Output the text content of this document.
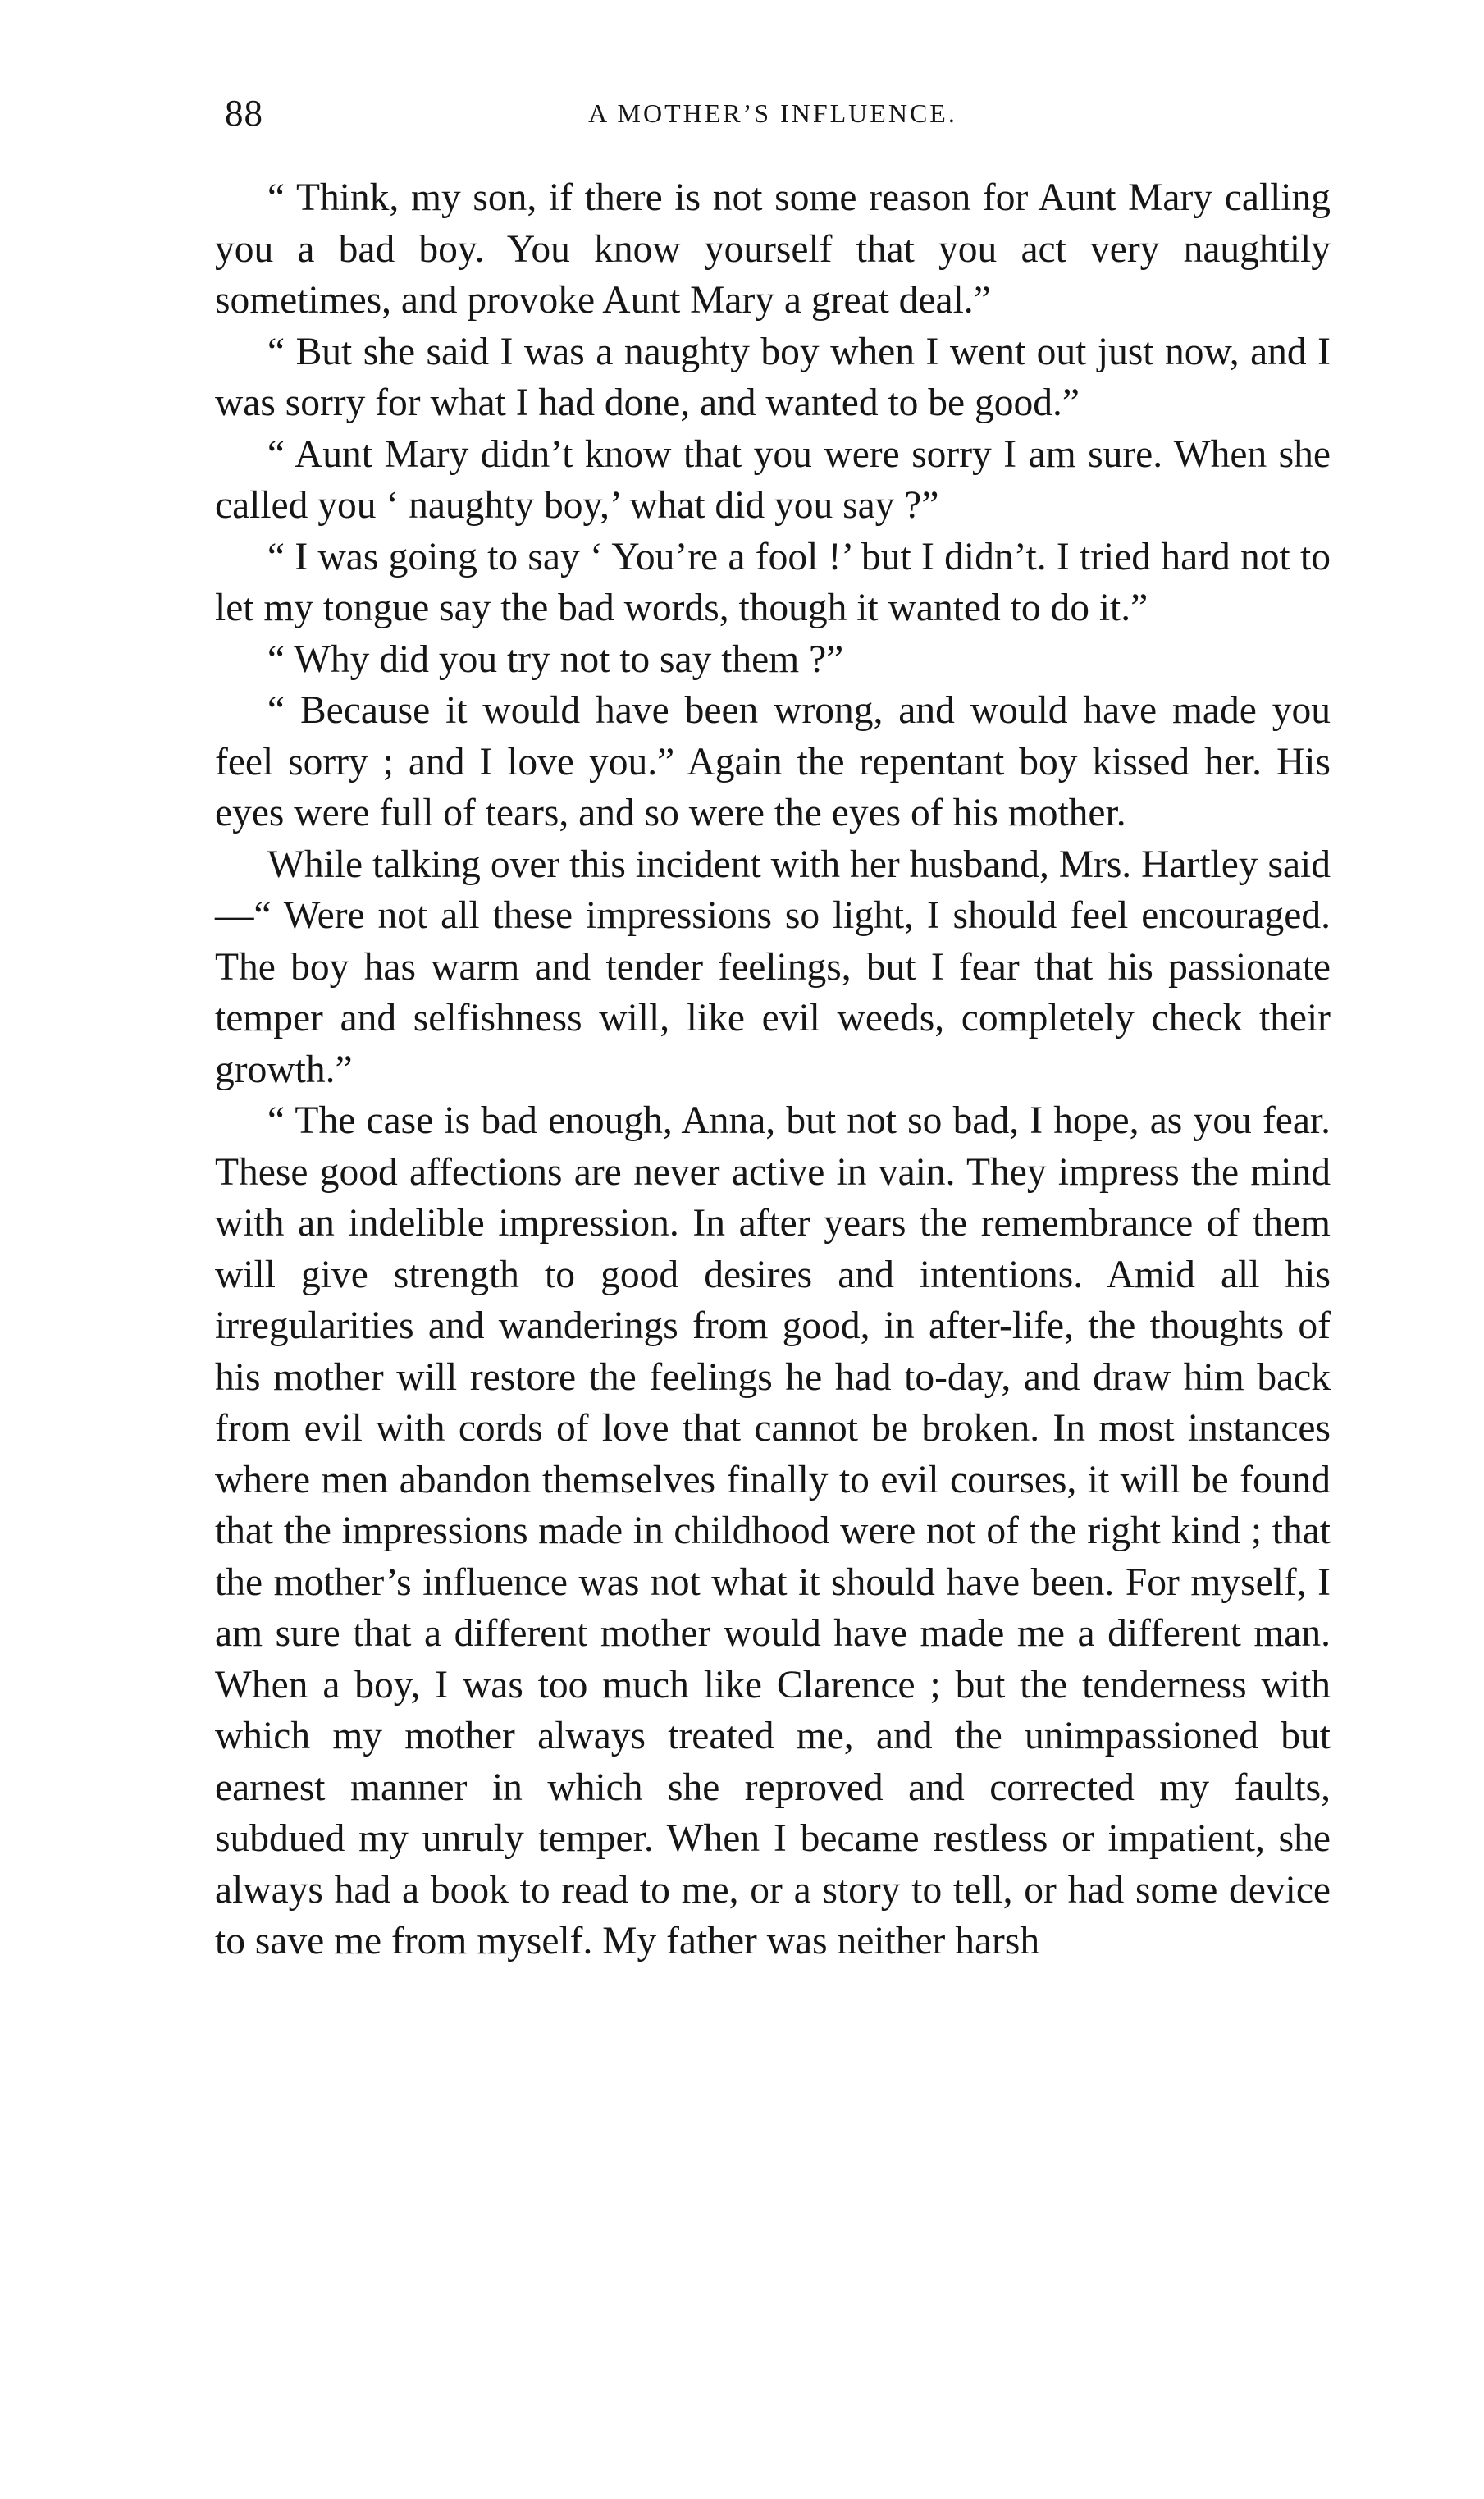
88	A MOTHER’S INFLUENCE.

“ Think, my son, if there is not some reason for Aunt Mary calling you a bad boy. You know yourself that you act very naughtily sometimes, and provoke Aunt Mary a great deal.”

“ But she said I was a naughty boy when I went out just now, and I was sorry for what I had done, and wanted to be good.”

“ Aunt Mary didn’t know that you were sorry I am sure. When she called you ‘ naughty boy,’ what did you say ?”

“ I was going to say ‘ You’re a fool !’ but I didn’t. I tried hard not to let my tongue say the bad words, though it wanted to do it.”

“ Why did you try not to say them ?”

“ Because it would have been wrong, and would have made you feel sorry ; and I love you.” Again the repentant boy kissed her. His eyes were full of tears, and so were the eyes of his mother.

While talking over this incident with her husband, Mrs. Hartley said—“ Were not all these impressions so light, I should feel encouraged. The boy has warm and tender feelings, but I fear that his passionate temper and selfishness will, like evil weeds, completely check their growth.”

“ The case is bad enough, Anna, but not so bad, I hope, as you fear. These good affections are never active in vain. They impress the mind with an indelible impression. In after years the remembrance of them will give strength to good desires and intentions. Amid all his irregularities and wanderings from good, in after-life, the thoughts of his mother will restore the feelings he had to-day, and draw him back from evil with cords of love that cannot be broken. In most instances where men abandon themselves finally to evil courses, it will be found that the impressions made in childhood were not of the right kind ; that the mother’s influence was not what it should have been. For myself, I am sure that a different mother would have made me a different man. When a boy, I was too much like Clarence ; but the tenderness with which my mother always treated me, and the unimpassioned but earnest manner in which she reproved and corrected my faults, subdued my unruly temper. When I became restless or impatient, she always had a book to read to me, or a story to tell, or had some device to save me from myself. My father was neither harsh
